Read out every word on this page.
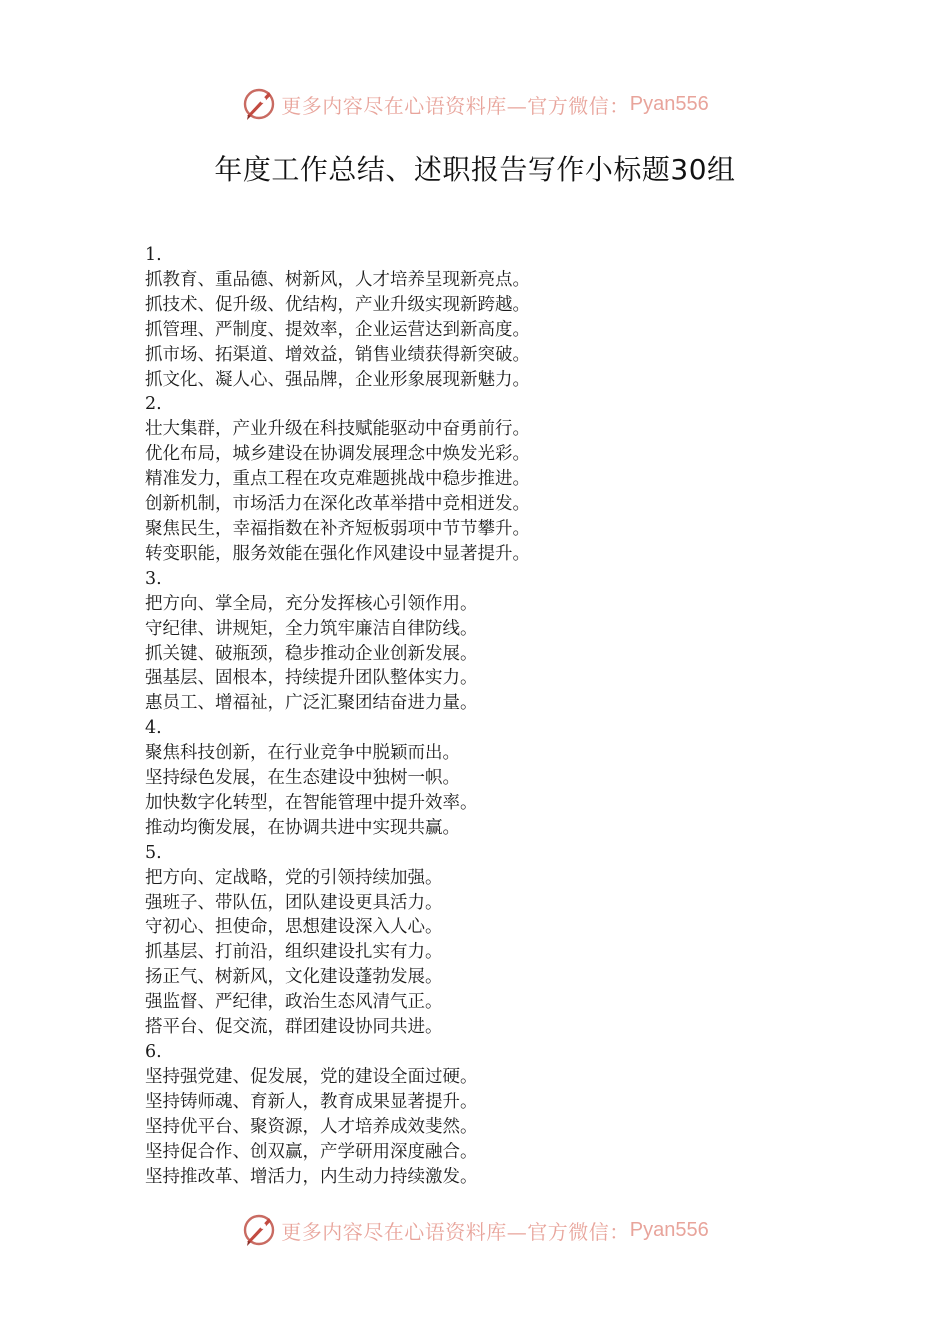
更多内容尽在心语资料库—官方微信： Pyan556
年度工作总结、述职报告写作小标题30组

1.

抓教育、重品德、树新风，人才培养呈现新亮点。

抓技术、促升级、优结构，产业升级实现新跨越。

抓管理、严制度、提效率，企业运营达到新高度。

抓市场、拓渠道、增效益，销售业绩获得新突破。

抓文化、凝人心、强品牌，企业形象展现新魅力。

2.

壮大集群，产业升级在科技赋能驱动中奋勇前行。

优化布局，城乡建设在协调发展理念中焕发光彩。

精准发力，重点工程在攻克难题挑战中稳步推进。

创新机制，市场活力在深化改革举措中竞相迸发。

聚焦民生，幸福指数在补齐短板弱项中节节攀升。

转变职能，服务效能在强化作风建设中显著提升。

3.

把方向、掌全局，充分发挥核心引领作用。

守纪律、讲规矩，全力筑牢廉洁自律防线。

抓关键、破瓶颈，稳步推动企业创新发展。

强基层、固根本，持续提升团队整体实力。

惠员工、增福祉，广泛汇聚团结奋进力量。

4.

聚焦科技创新，在行业竞争中脱颖而出。

坚持绿色发展，在生态建设中独树一帜。

加快数字化转型，在智能管理中提升效率。

推动均衡发展，在协调共进中实现共赢。

5.

把方向、定战略，党的引领持续加强。

强班子、带队伍，团队建设更具活力。

守初心、担使命，思想建设深入人心。

抓基层、打前沿，组织建设扎实有力。

扬正气、树新风，文化建设蓬勃发展。

强监督、严纪律，政治生态风清气正。

搭平台、促交流，群团建设协同共进。

6.

坚持强党建、促发展，党的建设全面过硬。

坚持铸师魂、育新人，教育成果显著提升。

坚持优平台、聚资源，人才培养成效斐然。

坚持促合作、创双赢，产学研用深度融合。

坚持推改革、增活力，内生动力持续激发。

更多内容尽在心语资料库—官方微信： Pyan556
